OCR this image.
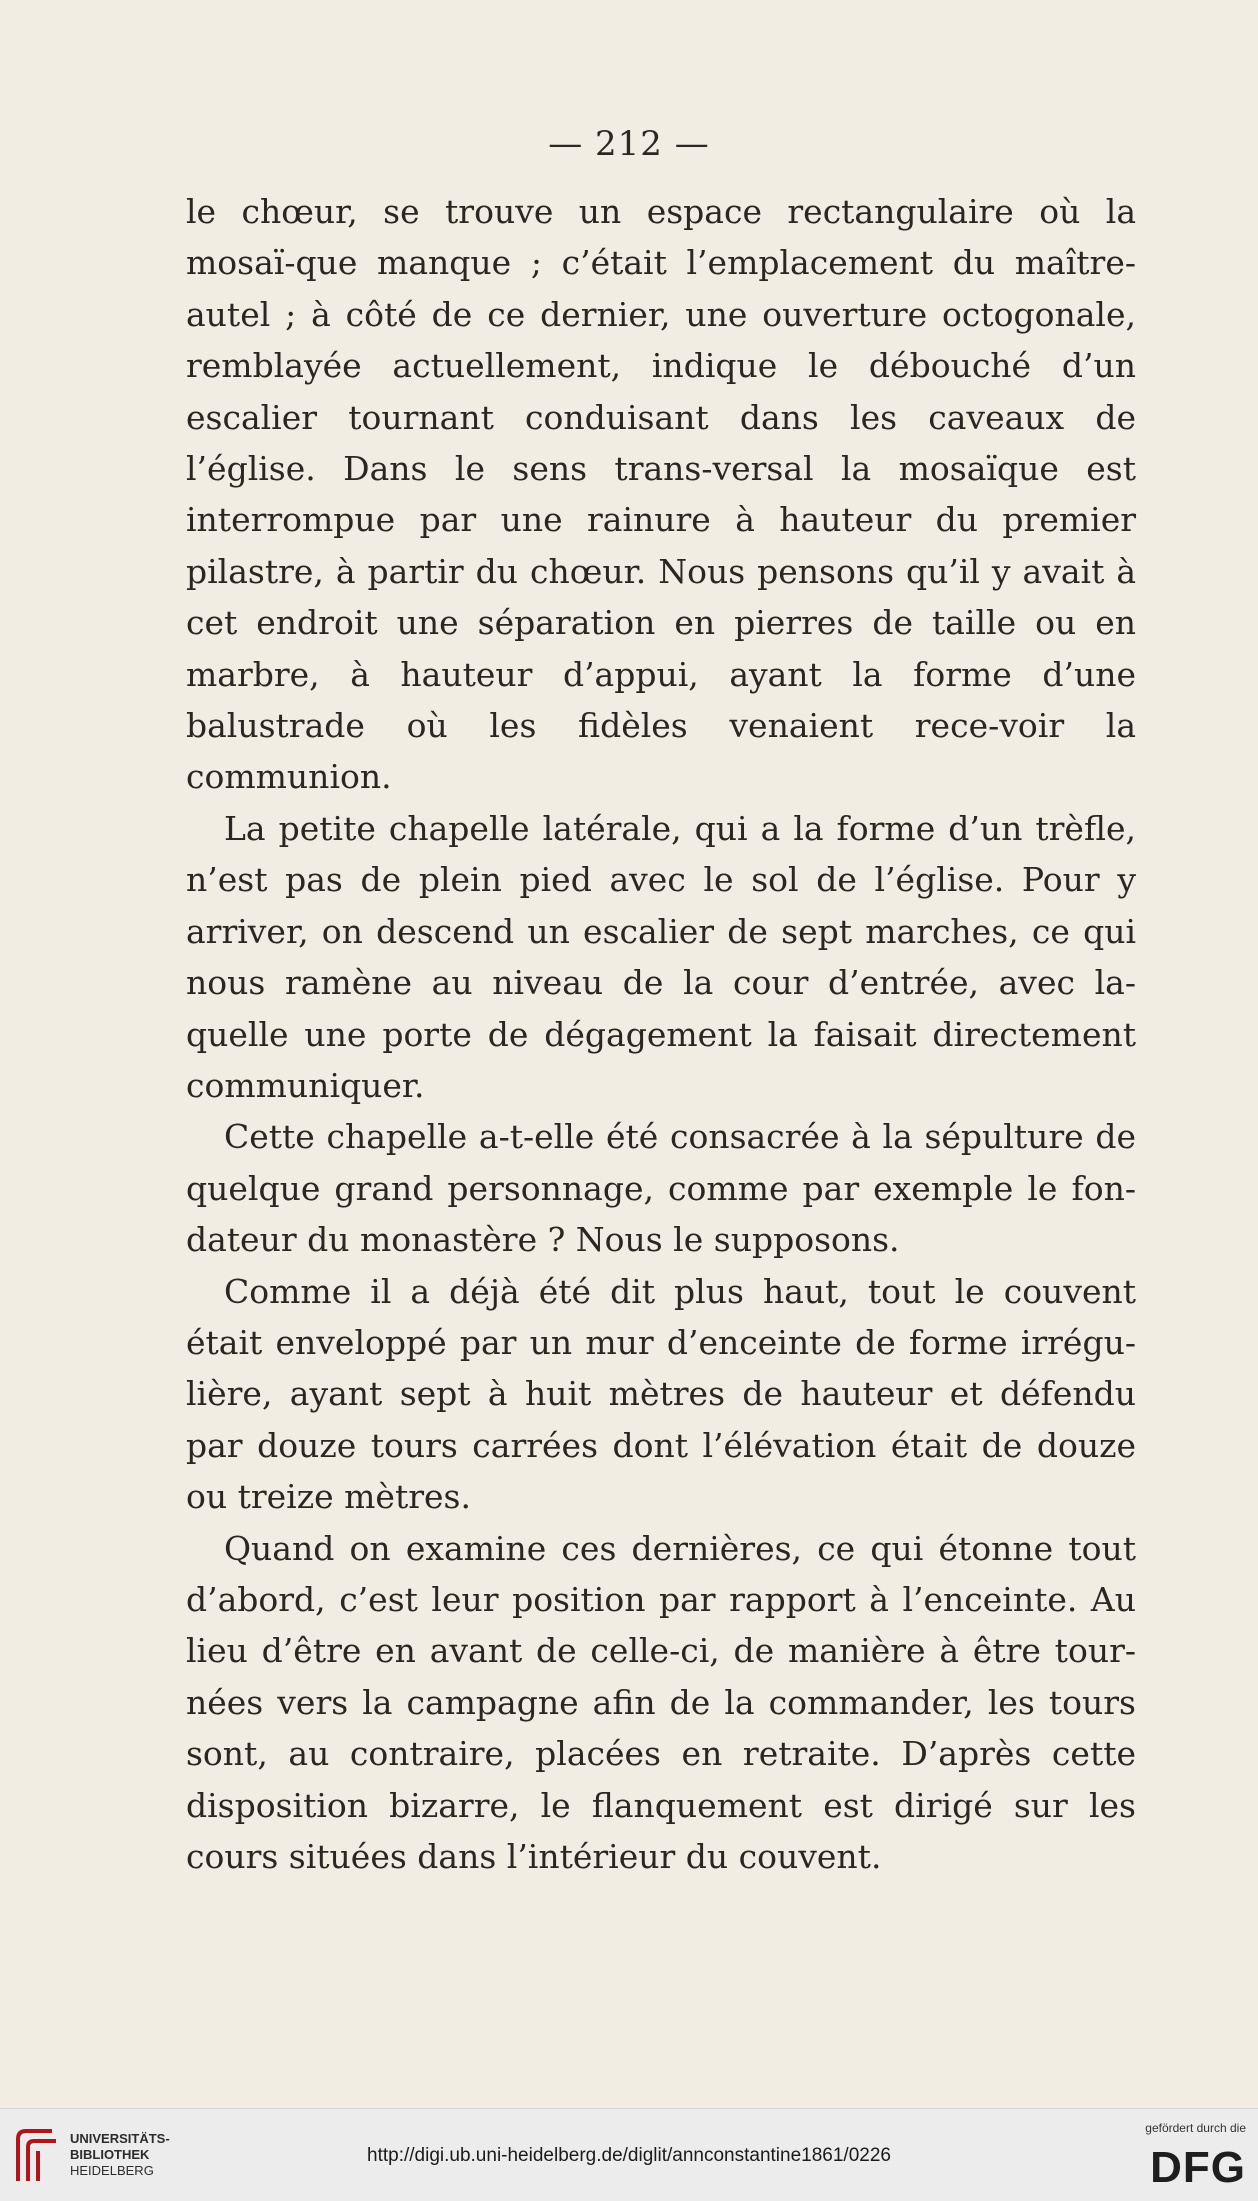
— 212 —

le chœur, se trouve un espace rectangulaire où la mosaï-que manque ; c’était l’emplacement du maître-autel ; à côté de ce dernier, une ouverture octogonale, remblayée actuellement, indique le débouché d’un escalier tournant conduisant dans les caveaux de l’église. Dans le sens trans-versal la mosaïque est interrompue par une rainure à hauteur du premier pilastre, à partir du chœur. Nous pensons qu’il y avait à cet endroit une séparation en pierres de taille ou en marbre, à hauteur d’appui, ayant la forme d’une balustrade où les fidèles venaient rece-voir la communion.

La petite chapelle latérale, qui a la forme d’un trèfle, n’est pas de plein pied avec le sol de l’église. Pour y arriver, on descend un escalier de sept marches, ce qui nous ramène au niveau de la cour d’entrée, avec la-quelle une porte de dégagement la faisait directement communiquer.

Cette chapelle a-t-elle été consacrée à la sépulture de quelque grand personnage, comme par exemple le fon-dateur du monastère ? Nous le supposons.

Comme il a déjà été dit plus haut, tout le couvent était enveloppé par un mur d’enceinte de forme irrégu-lière, ayant sept à huit mètres de hauteur et défendu par douze tours carrées dont l’élévation était de douze ou treize mètres.

Quand on examine ces dernières, ce qui étonne tout d’abord, c’est leur position par rapport à l’enceinte. Au lieu d’être en avant de celle-ci, de manière à être tour-nées vers la campagne afin de la commander, les tours sont, au contraire, placées en retraite. D’après cette disposition bizarre, le flanquement est dirigé sur les cours situées dans l’intérieur du couvent.

UNIVERSITÄTS-
BIBLIOTHEK
HEIDELBERG
http://digi.ub.uni-heidelberg.de/diglit/annconstantine1861/0226
gefördert durch die
DFG
